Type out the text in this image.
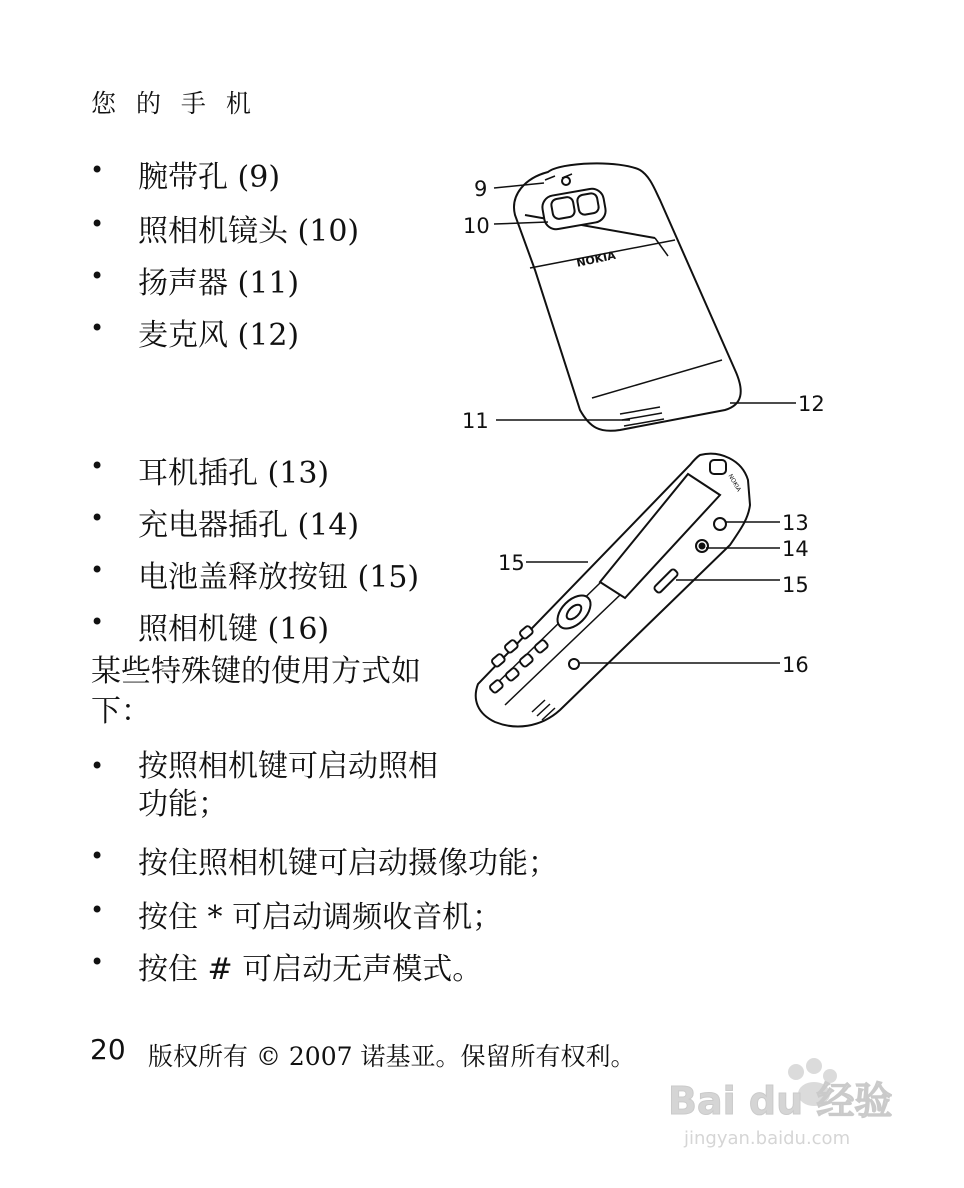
您 的 手 机
• 腕带孔 (9)
• 照相机镜头 (10)
• 扬声器 (11)
• 麦克风 (12)
• 耳机插孔 (13)
• 充电器插孔 (14)
• 电池盖释放按钮 (15)
• 照相机键 (16)
某些特殊键的使用方式如下：
• 按照相机键可启动照相功能；
• 按住照相机键可启动摄像功能；
• 按住 * 可启动调频收音机；
• 按住 # 可启动无声模式。
NOKIA
NOKIA
9
10
11
12
13
14
15
15
16
20 版权所有 © 2007 诺基亚。保留所有权利。
Bai du 经验
jingyan.baidu.com
